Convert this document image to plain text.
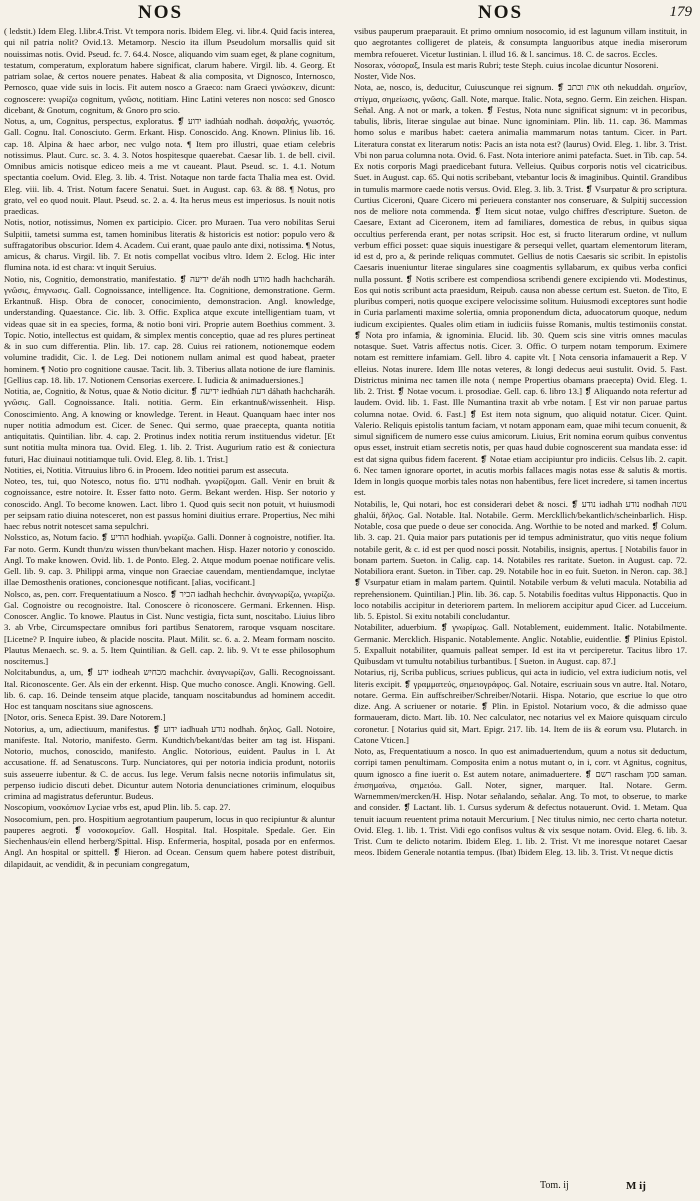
NOS	NOS	179

( ledstit.) Idem Eleg. l.libr.4.Trist. Vt tempora noris. Ibidem Eleg. vi. libr.4. Quid facis interea, qui nil patria nolit? Ovid.13. Metamorp. Nescio ita illum Pseudolum morsallis quid sit nouissimas notis. Ovid. Pseud. fc. 7. 64.4. Nosce, aliquando vim suam eget, & plane cognitum, testatum, comperatum, exploratum habere significat, clarum habere. Virgil. lib. 4. Georg. Et patriam solae, & certos nouere penates. Habeat & alia composita, vt Dignosco, Internosco, Pernosco, quae vide suis in locis. Fit autem nosco a Graeco: nam Graeci γινώσκειν, dicunt: cognoscere: γνωρίζω cognitum, γνῶσις, notitiam. Hinc Latini veteres non nosco: sed Gnosco dicebant, & Gnotum, cognitum, & Gnoro pro scio.

Notus, a, um, Cognitus, perspectus, exploratus. ❡ ידוע iadhúah nodhah. ἀσφαλής, γνωστός. Gall. Cognu. Ital. Conosciuto. Germ. Erkant. Hisp. Conoscido. Ang. Known. Plinius lib. 16. cap. 18. Alpina & haec arbor, nec vulgo nota. ¶ Item pro illustri, quae etiam celebris notissimus. Plaut. Curc. sc. 3. 4. 3. Notos hospitesque quaerebat. Caesar lib. 1. de bell. civil. Omnibus amicis notisque ediceo meis a me vt caueant. Plaut. Pseud. sc. 1. 4.1. Notum spectantia coelum. Ovid. Eleg. 3. lib. 4. Trist. Notaque non tarde facta Thalia mea est. Ovid. Eleg. viii. lib. 4. Trist. Notum facere Senatui. Suet. in August. cap. 63. & 88. ¶ Notus, pro grato, vel eo quod nouit. Plaut. Pseud. sc. 2. a. 4. Ita herus meus est imperiosus. Is nouit notis praedicas.

Notis, notior, notissimus, Nomen ex participio. Cicer. pro Muraen. Tua vero nobilitas Serui Sulpitii, tametsi summa est, tamen hominibus literatis & historicis est notior: populo vero & suffragatoribus obscurior. Idem 4. Academ. Cui erant, quae paulo ante dixi, notissima. ¶ Notus, amicus, & charus. Virgil. lib. 7. Et notis compellat vocibus vltro. Idem 2. Eclog. Hic inter flumina nota. id est chara: vt inquit Seruius.

Notio, nis, Cognitio, demonstratio, manifestatio. ❡ ידיעה de'áh nodh מודע hadh hachcharáh. γνῶσις, ἐπιγνωσις. Gall. Cognoissance, intelligence. Ita. Cognitione, demonstratione. Germ. Erkantnuß. Hisp. Obra de conocer, conocimiento, demonstracion. Angl. knowledge, understanding. Quaestance. Cic. lib. 3. Offic. Explica atque excute intelligentiam tuam, vt videas quae sit in ea species, forma, & notio boni viri. Proprie autem Boethius comment. 3. Topic. Notio, intellectus est quidam, & simplex mentis conceptio, quae ad res plures pertineat & in suo cum differentia. Plin. lib. 17. cap. 28. Cuius rei rationem, notionemque eodem volumine tradidit, Cic. l. de Leg. Dei notionem nullam animal est quod habeat, praeter hominem. ¶ Notio pro cognitione causae. Tacit. lib. 3. Tiberius allata notione de iure flaminis. [Gellius cap. 18. lib. 17. Notionem Censorias exercere. I. Iudicia & animaduersiones.]

Notitia, ae, Cognitio, & Notus, quae & Notio dicitur. ❡ ידיעה iedhúah דעת dáhath hachcharáh. γνῶσις. Gall. Cognoissance. Itali. notitia. Germ. Ein erkantnuß/wissenheit. Hisp. Conoscimiento. Ang. A knowing or knowledge. Terent. in Heaut. Quanquam haec inter nos nuper notitia admodum est. Cicer. de Senec. Qui sermo, quae praecepta, quanta notitia antiquitatis. Quintilian. libr. 4. cap. 2. Protinus index notitia rerum instituendus videtur. [Et sunt notitia multa minora tua. Ovid. Eleg. 1. lib. 2. Trist. Augurium ratio est & coniectura futuri, Hac diuinaui notitiamque tuli. Ovid. Eleg. 8. lib. 1. Trist.]

Notities, ei, Notitia. Vitruuius libro 6. in Prooem. Ideo notitiei parum est assecuta.

Noteo, tes, tui, quo Notesco, notus fio. נודע nodhah. γνωρίζομαι. Gall. Venir en bruit & cognoissance, estre notoire. It. Esser fatto noto. Germ. Bekant werden. Hisp. Ser notorio y conoscido. Angl. To become knowen. Lact. libro 1. Quod quis secit non potuit, vt huiusmodi per seipsam ratio diuina notesceret, non est passus homini diuitius errare. Propertius, Nec mihi haec rebus notrit notescet sama sepulchri.

Nolsstico, as, Notum facio. ❡ הודיע hodhiah. γνωρίζω. Galli. Donner à cognoistre, notifier. Ita. Far noto. Germ. Kundt thun/zu wissen thun/bekant machen. Hisp. Hazer notorio y conoscido. Angl. To make knowen. Ovid. lib. 1. de Ponto. Eleg. 2. Atque modum poenae notificare velis. Gell. lib. 9. cap. 3. Philippi arma, vinque non Graeciae cauendam, mentiendamque, inclytae illae Demosthenis orationes, concionesque notificant. [alias, vocificant.]

Nolsco, as, pen. corr. Frequentatiuum a Nosco. ❡ הכיר iadhah hechchir. ἀναγνωρίζω, γνωρίζω. Gal. Cognoistre ou recognoistre. Ital. Conoscere ò riconoscere. Germani. Erkennen. Hisp. Conoscer. Anglic. To knowe. Plautus in Cist. Nunc vestigia, ficta sunt, noscitabo. Liuius libro 3. ab Vrbe, Circumspectare omnibus fori partibus Senatorem, raroque vsquam noscitare. [Licetne? P. Inquire iubeo, & placide noscita. Plaut. Milit. sc. 6. a. 2. Meam formam noscito. Plautus Menaech. sc. 9. a. 5. Item Quintilian. & Gell. cap. 2. lib. 9. Vt te esse philosophum noscitemus.]

Nolcitabundus, a, um, ❡ ידע iodheah מכחיש machchir. ἀναγνωρίζων, Galli. Recognoissant. Ital. Riconoscente. Ger. Als ein der erkennt. Hisp. Que mucho conosce. Angli. Knowing. Gell. lib. 6. cap. 16. Deinde tenseim atque placide, tanquam noscitabundus ad hominem accedit. Hoc est tanquam noscitans siue agnoscens.

[Notor, oris. Seneca Epist. 39. Dare Notorem.]

Notorius, a, um, adiectiuum, manifestus. ❡ ידוע iadhuah נודע nodhah. δηλος. Gall. Notoire, manifeste. Ital. Notorio, manifesto. Germ. Kundtich/bekant/das beiter am tag ist. Hispani. Notorio, muchos, conoscido, manifesto. Anglic. Notorious, euident. Paulus in l. At accusatione. ff. ad Senatuscons. Turp. Nunciatores, qui per notoria indicia produnt, notoriis suis asseuerre iubentur. & C. de accus. Ius lege. Verum falsis necne notoriis infimulatus sit, perpenso iudicio discuti debet. Dicuntur autem Notoria denunciationes criminum, eloquibus crimina ad magistratus deferuntur. Budeus.

Noscopium, νοσκόπιον Lyciae vrbs est, apud Plin. lib. 5. cap. 27.

Nosocomium, pen. pro. Hospitium aegrotantium pauperum, locus in quo recipiuntur & aluntur pauperes aegroti. ❡ νοσοκομεῖον. Gall. Hospital. Ital. Hospitale. Spedale. Ger. Ein Siechenhaus/ein ellend herberg/Spittal. Hisp. Enfermeria, hospital, posada por en enfermos. Angl. An hospital or spittell. ❡ Hieron. ad Ocean. Censum quem habere potest distribuit, dilapidauit, ac vendidit, & in pecuniam congregatum,

vsibus pauperum praeparauit. Et primo omnium nosocomio, id est lagunum villam instituit, in quo aegrotantes colligeret de plateis, & consumpta languoribus atque inedia miserorum membra refoueret. Vicetur Iustinian. l. illud 16. & l. sancimus. 18. C. de sacros. Eccles.

Nosorax, νόσοραξ, Insula est maris Rubri; teste Steph. cuius incolae dicuntur Nosoreni.

Noster, Vide Nos.

Nota, ae, nosco, is, deducitur, Cuiuscunque rei signum. ❡ אות וכתב oth nekuddah. σημεῖον, στίγμα, σημείωσις, γνῶσις. Gall. Note, marque. Italic. Nota, segno. Germ. Ein zeichen. Hispan. Señal. Ang. A not or mark, a token. ❡ Festus, Nota nunc significat signum: vt in pecoribus, tabulis, libris, literae singulae aut binae. Nunc ignominiam. Plin. lib. 11. cap. 36. Mammas homo solus e maribus habet: caetera animalia mammarum notas tantum. Cicer. in Part. Literatura constat ex literarum notis: Pacis an ista nota est? (laurus) Ovid. Eleg. 1. libr. 3. Trist. Vbi non parua columna nota. Ovid. 6. Fast. Nota interiore animi patefacta. Suet. in Tib. cap. 54. Ex notis corporis Magi praedicebant futura. Velleius. Quibus corporis notis vel cicatricibus. Suet. in August. cap. 65. Qui notis scribebant, vtebantur locis & imaginibus. Quintil. Grandibus in tumulis marmore caede notis versus. Ovid. Eleg. 3. lib. 3. Trist. ❡ Vsurpatur & pro scriptura. Curtius Ciceroni, Quare Cicero mi perieuera constanter nos conseruare, & Sulpitij succession nos de meliore nota commenda. ❡ Item sicut notae, vulgo chiffres d'escripture. Sueton. de Caesare, Extant ad Ciceronem, item ad familiares, domestica de rebus, in quibus siqua occultius perferenda erant, per notas scripsit. Hoc est, si fructo literarum ordine, vt nullum verbum effici posset: quae siquis inuestigare & persequi vellet, quartam elementorum literam, id est d, pro a, & perinde reliquas commutet. Gellius de notis Caesaris sic scribit. In epistolis Caesaris inueniuntur literae singulares sine coagmentis syllabarum, ex quibus verba confici nulla possunt. ❡ Notis scribere est compendiosa scribendi genere excipiendo vti. Modestinus, Eos qui notis scribunt acta praesidum, Reipub. causa non abesse certum est. Sueton. de Tito, E pluribus comperi, notis quoque excipere velocissime solitum. Huiusmodi exceptores sunt hodie in Curia parlamenti maxime solertia, omnia proponendum dicta, aduocatorum quoque, nedum iudicum excipientes. Quales olim etiam in iudiciis fuisse Romanis, multis testimoniis constat. ❡ Nota pro infamia, & ignominia. Elucid. lib. 30. Quem scis sine vitris omnes maculas notasque. Suet. Vatris affectus notis. Cicer. 3. Offic. O turpem notam temporum. Eximere notam est remittere infamiam. Gell. libro 4. capite vlt. [ Nota censoria infamauerit a Rep. V elleius. Notas inurere. Idem Ille notas veteres, & longi dedecus aeui sustulit. Ovid. 5. Fast. Districtus minima nec tamen ille nota ( nempe Propertius obamans praecepta) Ovid. Eleg. 1. lib. 2. Trist. ❡ Notae vocum. i. prosodiae. Gell. cap. 6. libro 13.] ❡ Aliquando nota refertur ad laudem. Ovid. lib. 1. Fast. Ille Numantina traxit ab vrbe notam. [ Est vir non paruae partus columna notae. Ovid. 6. Fast.] ❡ Est item nota signum, quo aliquid notatur. Cicer. Quint. Valerio. Reliquis epistolis tantum faciam, vt notam apponam eam, quae mihi tecum conuenit, & simul significem de numero esse cuius amicorum. Liuius, Erit nomina eorum quibus conventus opus esset, instruit etiam secretis notis, per quas haud dubie cognoscerent sua mandata esse: id est dat signa quibus fidem facerent. ❡ Notae etiam accipiuntur pro indiciis. Celsus lib. 2. capit. 6. Nec tamen ignorare oportet, in acutis morbis fallaces magis notas esse & salutis & mortis. Idem in longis quoque morbis tales notas non habentibus, fere licet incredere, si tamen incertus est.

Notabilis, le, Qui notari, hoc est considerari debet & nosci. ❡ נודע iadhah נודע nodhah נוטה ghalúi, δῆλος. Gal. Notable. Ital. Notabile. Germ. Merckllich/bekantlich/scheinbarlich. Hisp. Notable, cosa que puede o deue ser conocida. Ang. Worthie to be noted and marked. ❡ Colum. lib. 3. cap. 21. Quia maior pars putationis per id tempus administratur, quo vitis neque folium notabile gerit, & c. id est per quod nosci possit. Notabilis, insignis, apertus. [ Notabilis fauor in bonam partem. Sueton. in Calig. cap. 14. Notabiles res raritate. Sueton. in August. cap. 72. Notabiliora erant. Sueton. in Tiber. cap. 29. Notabile hoc in eo fuit. Sueton. in Neron. cap. 38.] ❡ Vsurpatur etiam in malam partem. Quintil. Notabile verbum & veluti macula. Notabilia ad reprehensionem. Quintilian.] Plin. lib. 36. cap. 5. Notabilis foeditas vultus Hipponactis. Quo in loco notabilis accipitur in deteriorem partem. In meliorem accipitur apud Cicer. ad Lucceium. lib. 5. Epistol. Si exitu notabili concludantur.

Notabiliter, aduerbium. ❡ γνωρίμως. Gall. Notablement, euidemment. Italic. Notabilmente. Germanic. Mercklich. Hispanic. Notablemente. Anglic. Notablie, euidentlie. ❡ Plinius Epistol. 5. Expalluit notabiliter, quamuis palleat semper. Id est ita vt perciperetur. Tacitus libro 17. Quibusdam vt tumultu notabilius turbantibus. [ Sueton. in August. cap. 87.]

Notarius, rij, Scriba publicus, scriues publicus, qui acta in iudicio, vel extra iudicium notis, vel literis excipit. ❡ γραμματεύς, σημειογράφος. Gal. Notaire, escriuain sous vn autre. Ital. Notaro, notare. Germa. Ein auffschreiber/Schreiber/Notarii. Hispa. Notario, que escriue lo que otro dize. Ang. A scriuener or notarie. ❡ Plin. in Epistol. Notarium voco, & die admisso quae formaueram, dicto. Mart. lib. 10. Nec calculator, nec notarius vel ex Maiore quisquam circulo coronetur. [ Notarius quid sit, Mart. Epigr. 217. lib. 14. Item de iis & eorum vsu. Plutarch. in Catone Vticen.]

Noto, as, Frequentatiuum a nosco. In quo est animaduertendum, quum a notus sit deductum, corripi tamen penultimam. Composita enim a notus mutant o, in i, corr. vt Agnitus, cognitus, quum ignosco a fine iuerit o. Est autem notare, animaduertere. ❡ רשם rascham סמן saman. ἐπισημαίνω, σημειόω. Gall. Noter, signer, marquer. Ital. Notare. Germ. Warnemmen/mercken/H. Hisp. Notar señalando, señalar. Ang. To mot, to obserue, to marke and consider. ❡ Lactant. lib. 1. Cursus syderum & defectus notauerunt. Ovid. 1. Metam. Qua tenuit iacuum reuentent prima notauit Mercurium. [ Nec titulus nimio, nec certo charta notetur. Ovid. Eleg. 1. lib. 1. Trist. Vidi ego confisos vultus & vix sesque notam. Ovid. Eleg. 6. lib. 3. Trist. Cum te delicto notarim. Ibidem Eleg. 1. lib. 2. Trist. Vt me inoresque notaret Caesar meos. Ibidem Generale notantia tempus. (Ibat) Ibidem Eleg. 13. lib. 3. Trist. Vt neque dictis

Tom. ij	M ij
